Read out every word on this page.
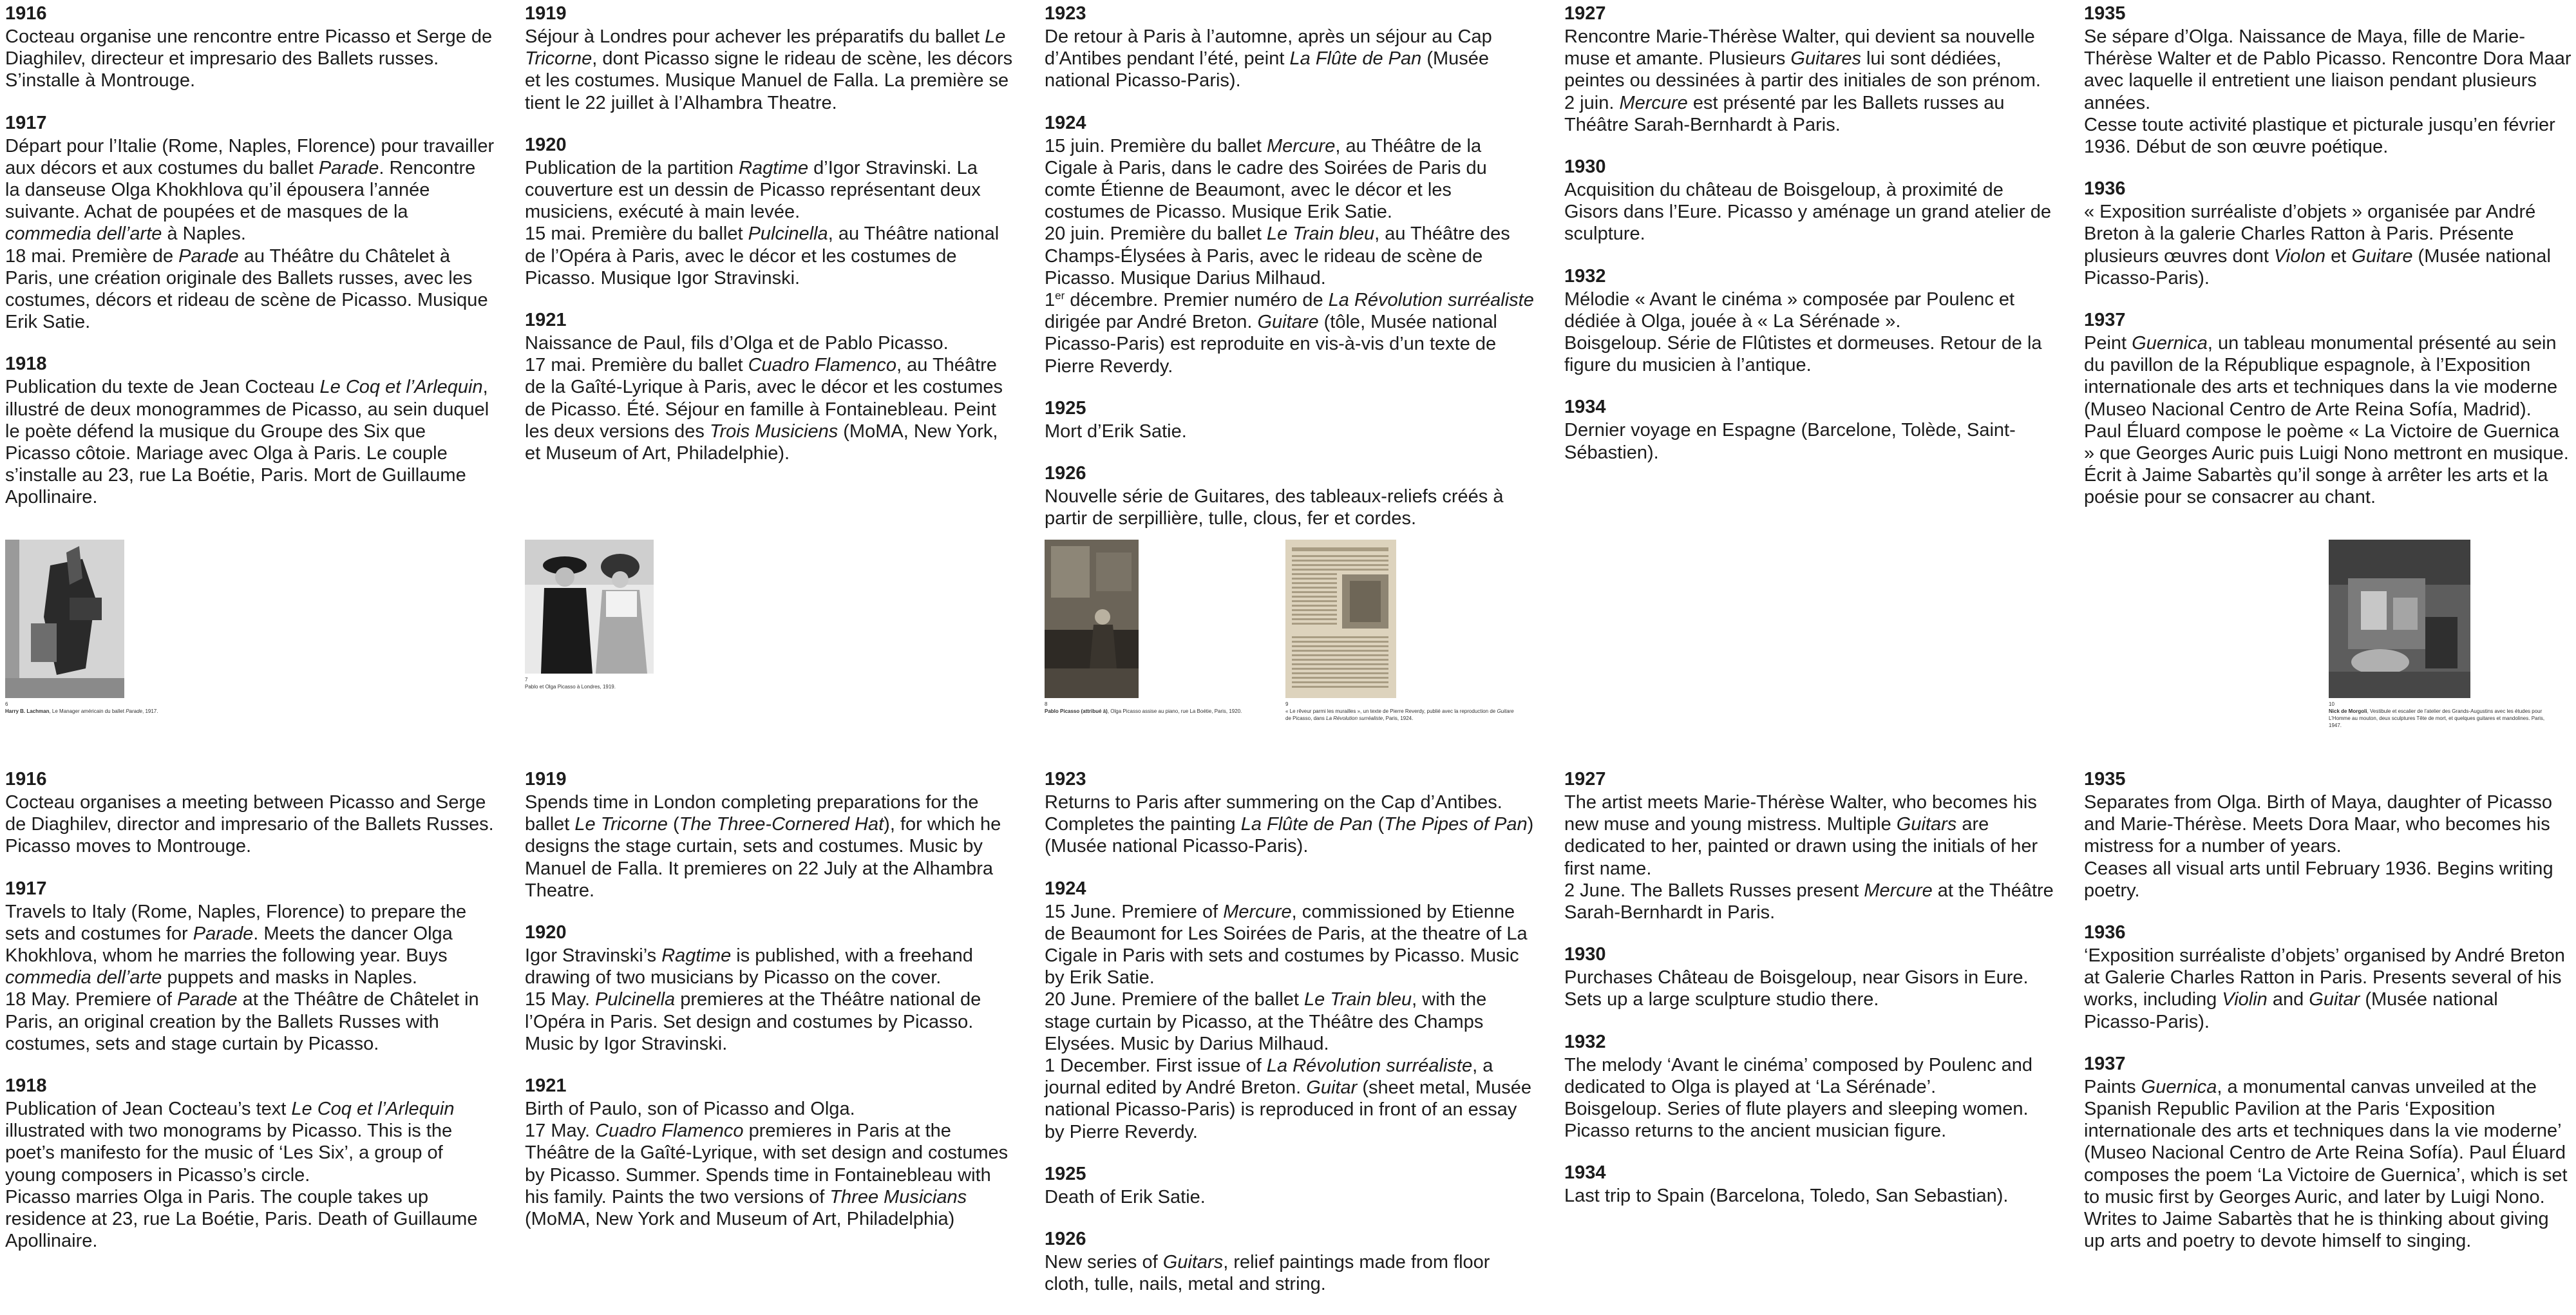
1916

Cocteau organise une rencontre entre Picasso et Serge de Diaghilev, directeur et impresario des Ballets russes. S’installe à Montrouge.

1917

Départ pour l’Italie (Rome, Naples, Florence) pour travailler aux décors et aux costumes du ballet Parade. Rencontre la danseuse Olga Khokhlova qu’il épousera l’année suivante. Achat de poupées et de masques de la commedia dell’arte à Naples.
18 mai. Première de Parade au Théâtre du Châtelet à Paris, une création originale des Ballets russes, avec les costumes, décors et rideau de scène de Picasso. Musique Erik Satie.

1918

Publication du texte de Jean Cocteau Le Coq et l’Arlequin, illustré de deux monogrammes de Picasso, au sein duquel le poète défend la musique du Groupe des Six que Picasso côtoie. Mariage avec Olga à Paris. Le couple s’installe au 23, rue La Boétie, Paris. Mort de Guillaume Apollinaire.

1919

Séjour à Londres pour achever les préparatifs du ballet Le Tricorne, dont Picasso signe le rideau de scène, les décors et les costumes. Musique Manuel de Falla. La première se tient le 22 juillet à l’Alhambra Theatre.

1920

Publication de la partition Ragtime d’Igor Stravinski. La couverture est un dessin de Picasso représentant deux musiciens, exécuté à main levée.
15 mai. Première du ballet Pulcinella, au Théâtre national de l’Opéra à Paris, avec le décor et les costumes de Picasso. Musique Igor Stravinski.

1921

Naissance de Paul, fils d’Olga et de Pablo Picasso.
17 mai. Première du ballet Cuadro Flamenco, au Théâtre de la Gaîté-Lyrique à Paris, avec le décor et les costumes de Picasso. Été. Séjour en famille à Fontainebleau. Peint les deux versions des Trois Musiciens (MoMA, New York, et Museum of Art, Philadelphie).

1923

De retour à Paris à l’automne, après un séjour au Cap d’Antibes pendant l’été, peint La Flûte de Pan (Musée national Picasso-Paris).

1924

15 juin. Première du ballet Mercure, au Théâtre de la Cigale à Paris, dans le cadre des Soirées de Paris du comte Étienne de Beaumont, avec le décor et les costumes de Picasso. Musique Erik Satie.
20 juin. Première du ballet Le Train bleu, au Théâtre des Champs-Élysées à Paris, avec le rideau de scène de Picasso. Musique Darius Milhaud.
1er décembre. Premier numéro de La Révolution surréaliste dirigée par André Breton. Guitare (tôle, Musée national Picasso-Paris) est reproduite en vis-à-vis d’un texte de Pierre Reverdy.

1925

Mort d’Erik Satie.

1926

Nouvelle série de Guitares, des tableaux-reliefs créés à partir de serpillière, tulle, clous, fer et cordes.

1927

Rencontre Marie-Thérèse Walter, qui devient sa nouvelle muse et amante. Plusieurs Guitares lui sont dédiées, peintes ou dessinées à partir des initiales de son prénom.
2 juin. Mercure est présenté par les Ballets russes au Théâtre Sarah-Bernhardt à Paris.

1930

Acquisition du château de Boisgeloup, à proximité de Gisors dans l’Eure. Picasso y aménage un grand atelier de sculpture.

1932

Mélodie « Avant le cinéma » composée par Poulenc et dédiée à Olga, jouée à « La Sérénade ».
Boisgeloup. Série de Flûtistes et dormeuses. Retour de la figure du musicien à l’antique.

1934

Dernier voyage en Espagne (Barcelone, Tolède, Saint-Sébastien).

1935

Se sépare d’Olga. Naissance de Maya, fille de Marie-Thérèse Walter et de Pablo Picasso. Rencontre Dora Maar avec laquelle il entretient une liaison pendant plusieurs années.
Cesse toute activité plastique et picturale jusqu’en février 1936. Début de son œuvre poétique.

1936

« Exposition surréaliste d’objets » organisée par André Breton à la galerie Charles Ratton à Paris. Présente plusieurs œuvres dont Violon et Guitare (Musée national Picasso-Paris).

1937

Peint Guernica, un tableau monumental présenté au sein du pavillon de la République espagnole, à l’Exposition internationale des arts et techniques dans la vie moderne (Museo Nacional Centro de Arte Reina Sofía, Madrid). Paul Éluard compose le poème « La Victoire de Guernica » que Georges Auric puis Luigi Nono mettront en musique. Écrit à Jaime Sabartès qu’il songe à arrêter les arts et la poésie pour se consacrer au chant.

6
Harry B. Lachman, Le Manager américain du ballet Parade, 1917.
7
Pablo et Olga Picasso à Londres, 1919.
8
Pablo Picasso (attribué à), Olga Picasso assise au piano, rue La Boétie, Paris, 1920.
9
« Le rêveur parmi les murailles », un texte de Pierre Reverdy, publié avec la reproduction de Guitare de Picasso, dans La Révolution surréaliste, Paris, 1924.
10
Nick de Morgoli, Vestibule et escalier de l’atelier des Grands-Augustins avec les études pour L’Homme au mouton, deux sculptures Tête de mort, et quelques guitares et mandolines. Paris, 1947.
1916

Cocteau organises a meeting between Picasso and Serge de Diaghilev, director and impresario of the Ballets Russes. Picasso moves to Montrouge.

1917

Travels to Italy (Rome, Naples, Florence) to prepare the sets and costumes for Parade. Meets the dancer Olga Khokhlova, whom he marries the following year. Buys commedia dell’arte puppets and masks in Naples.
18 May. Premiere of Parade at the Théâtre de Châtelet in Paris, an original creation by the Ballets Russes with costumes, sets and stage curtain by Picasso.

1918

Publication of Jean Cocteau’s text Le Coq et l’Arlequin illustrated with two monograms by Picasso. This is the poet’s manifesto for the music of ‘Les Six’, a group of young composers in Picasso’s circle.
Picasso marries Olga in Paris. The couple takes up residence at 23, rue La Boétie, Paris. Death of Guillaume Apollinaire.

1919

Spends time in London completing preparations for the ballet Le Tricorne (The Three-Cornered Hat), for which he designs the stage curtain, sets and costumes. Music by Manuel de Falla. It premieres on 22 July at the Alhambra Theatre.

1920

Igor Stravinski’s Ragtime is published, with a freehand drawing of two musicians by Picasso on the cover.
15 May. Pulcinella premieres at the Théâtre national de l’Opéra in Paris. Set design and costumes by Picasso.
Music by Igor Stravinski.

1921

Birth of Paulo, son of Picasso and Olga.
17 May. Cuadro Flamenco premieres in Paris at the Théâtre de la Gaîté-Lyrique, with set design and costumes by Picasso. Summer. Spends time in Fontainebleau with his family. Paints the two versions of Three Musicians (MoMA, New York and Museum of Art, Philadelphia)

1923

Returns to Paris after summering on the Cap d’Antibes. Completes the painting La Flûte de Pan (The Pipes of Pan) (Musée national Picasso-Paris).

1924

15 June. Premiere of Mercure, commissioned by Etienne de Beaumont for Les Soirées de Paris, at the theatre of La Cigale in Paris with sets and costumes by Picasso. Music by Erik Satie.
20 June. Premiere of the ballet Le Train bleu, with the stage curtain by Picasso, at the Théâtre des Champs Elysées. Music by Darius Milhaud.
1 December. First issue of La Révolution surréaliste, a journal edited by André Breton. Guitar (sheet metal, Musée national Picasso-Paris) is reproduced in front of an essay by Pierre Reverdy.

1925

Death of Erik Satie.

1926

New series of Guitars, relief paintings made from floor cloth, tulle, nails, metal and string.

1927

The artist meets Marie-Thérèse Walter, who becomes his new muse and young mistress. Multiple Guitars are dedicated to her, painted or drawn using the initials of her first name.
2 June. The Ballets Russes present Mercure at the Théâtre Sarah-Bernhardt in Paris.

1930

Purchases Château de Boisgeloup, near Gisors in Eure. Sets up a large sculpture studio there.

1932

The melody ‘Avant le cinéma’ composed by Poulenc and dedicated to Olga is played at ‘La Sérénade’.
Boisgeloup. Series of flute players and sleeping women. Picasso returns to the ancient musician figure.

1934

Last trip to Spain (Barcelona, Toledo, San Sebastian).

1935

Separates from Olga. Birth of Maya, daughter of Picasso and Marie-Thérèse. Meets Dora Maar, who becomes his mistress for a number of years.
Ceases all visual arts until February 1936. Begins writing poetry.

1936

‘Exposition surréaliste d’objets’ organised by André Breton at Galerie Charles Ratton in Paris. Presents several of his works, including Violin and Guitar (Musée national Picasso-Paris).

1937

Paints Guernica, a monumental canvas unveiled at the Spanish Republic Pavilion at the Paris ‘Exposition internationale des arts et techniques dans la vie moderne’ (Museo Nacional Centro de Arte Reina Sofía). Paul Éluard composes the poem ‘La Victoire de Guernica’, which is set to music first by Georges Auric, and later by Luigi Nono.
Writes to Jaime Sabartès that he is thinking about giving up arts and poetry to devote himself to singing.
